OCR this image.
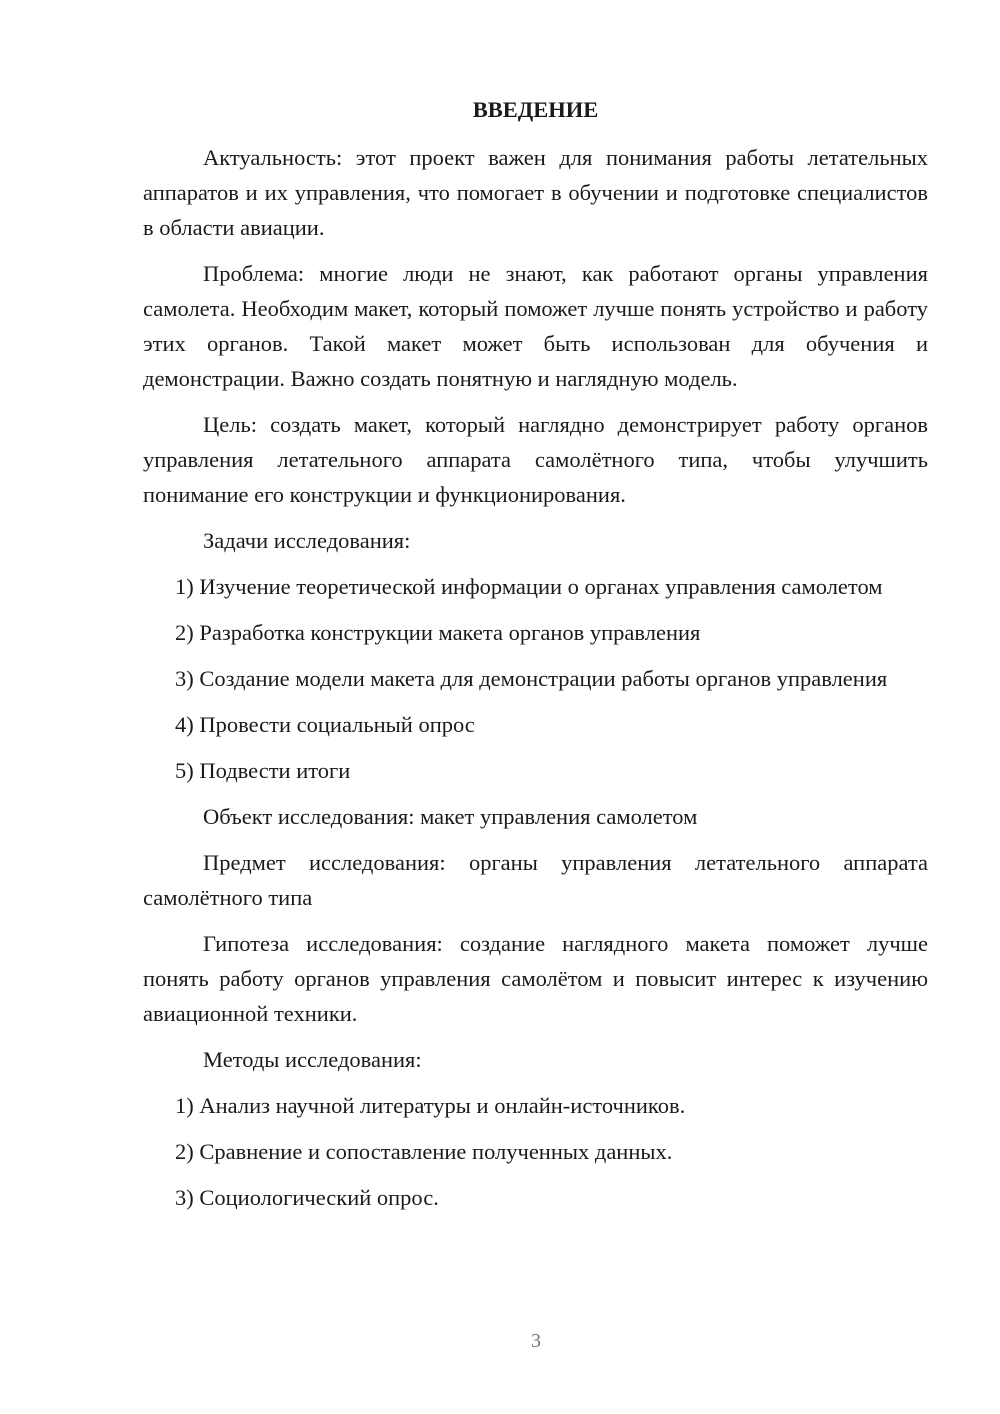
ВВЕДЕНИЕ

Актуальность: этот проект важен для понимания работы летательных аппаратов и их управления, что помогает в обучении и подготовке специалистов в области авиации.

Проблема: многие люди не знают, как работают органы управления самолета. Необходим макет, который поможет лучше понять устройство и работу этих органов. Такой макет может быть использован для обучения и демонстрации. Важно создать понятную и наглядную модель.

Цель: создать макет, который наглядно демонстрирует работу органов управления летательного аппарата самолётного типа, чтобы улучшить понимание его конструкции и функционирования.

Задачи исследования:

1) Изучение теоретической информации о органах управления самолетом

2) Разработка конструкции макета органов управления

3) Создание модели макета для демонстрации работы органов управления

4) Провести социальный опрос

5) Подвести итоги

Объект исследования: макет управления самолетом

Предмет исследования: органы управления летательного аппарата самолётного типа

Гипотеза исследования: создание наглядного макета поможет лучше понять работу органов управления самолётом и повысит интерес к изучению авиационной техники.

Методы исследования:

1) Анализ научной литературы и онлайн-источников.

2) Сравнение и сопоставление полученных данных.

3) Социологический опрос.

3
